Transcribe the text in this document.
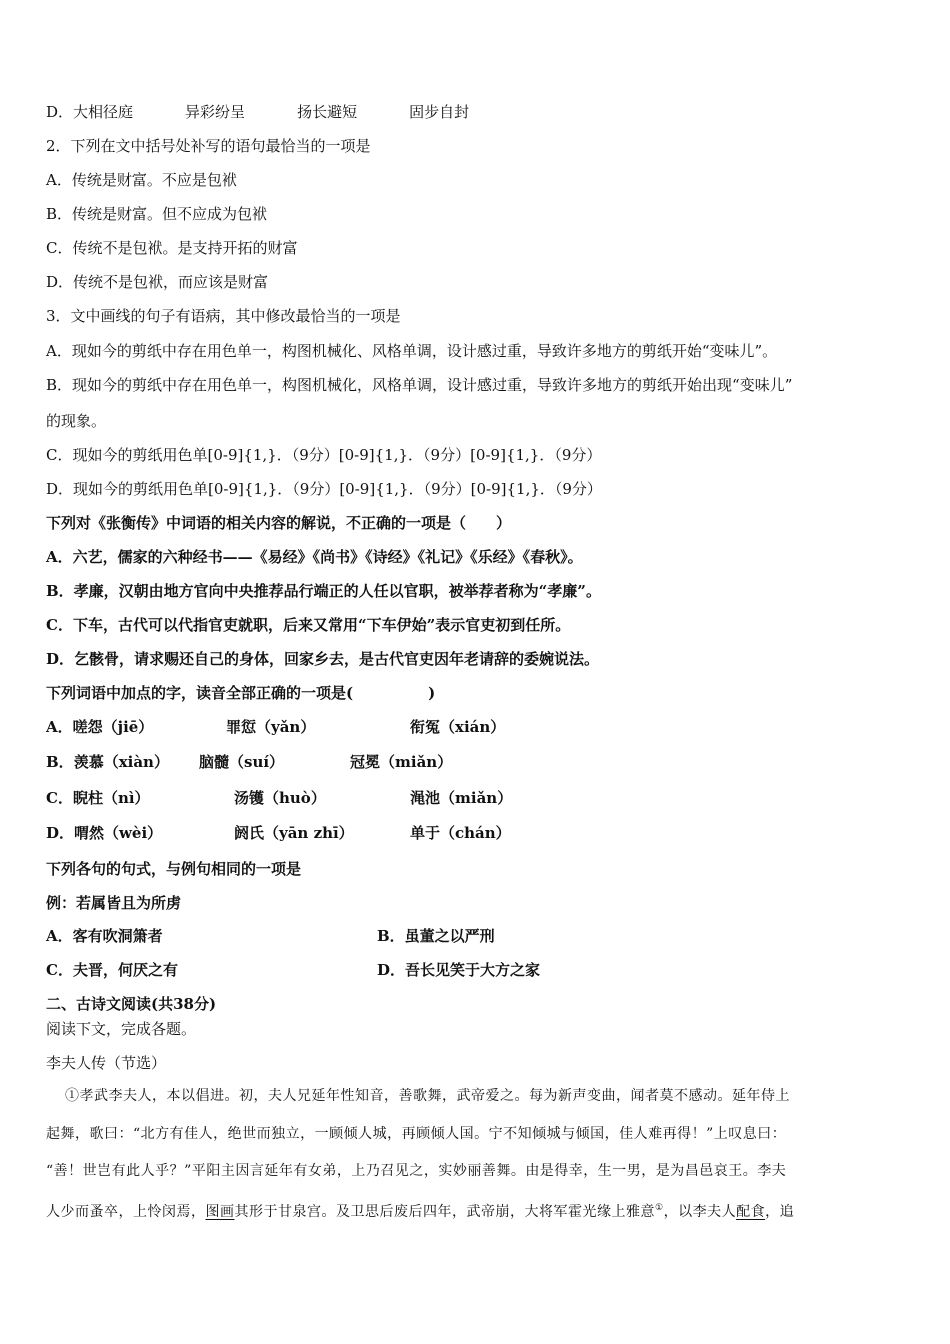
D．大相径庭	异彩纷呈	扬长避短	固步自封
2．下列在文中括号处补写的语句最恰当的一项是
A．传统是财富。不应是包袱
B．传统是财富。但不应成为包袱
C．传统不是包袱。是支持开拓的财富
D．传统不是包袱，而应该是财富
3．文中画线的句子有语病，其中修改最恰当的一项是
A．现如今的剪纸中存在用色单一，构图机械化、风格单调，设计感过重，导致许多地方的剪纸开始“变味儿”。
B．现如今的剪纸中存在用色单一，构图机械化，风格单调，设计感过重，导致许多地方的剪纸开始出现“变味儿”
的现象。
C．现如今的剪纸用色单[0-9]{1,}．（9分）[0-9]{1,}．（9分）[0-9]{1,}．（9分）
D．现如今的剪纸用色单[0-9]{1,}．（9分）[0-9]{1,}．（9分）[0-9]{1,}．（9分）
下列对《张衡传》中词语的相关内容的解说，不正确的一项是（　　）
A．六艺，儒家的六种经书——《易经》《尚书》《诗经》《礼记》《乐经》《春秋》。
B．孝廉，汉朝由地方官向中央推荐品行端正的人任以官职，被举荐者称为“孝廉”。
C．下车，古代可以代指官吏就职，后来又常用“下车伊始”表示官吏初到任所。
D．乞骸骨，请求赐还自己的身体，回家乡去，是古代官吏因年老请辞的委婉说法。
下列词语中加点的字，读音全部正确的一项是(　　　　　)
A．嗟怨（jiē）	罪愆（yǎn）	衔冤（xián）
B．羡慕（xiàn） 脑髓（suí）	冠冕（miǎn）
C．睨柱（nì）	汤镬（huò）	渑池（miǎn）
D．喟然（wèi）	阏氏（yān zhī）	单于（chán）
下列各句的句式，与例句相同的一项是
例：若属皆且为所虏
A．客有吹洞箫者	B．虽董之以严刑
C．夫晋，何厌之有	D．吾长见笑于大方之家
二、古诗文阅读(共38分)
阅读下文，完成各题。
李夫人传（节选）
①孝武李夫人，本以倡进。初，夫人兄延年性知音，善歌舞，武帝爱之。每为新声变曲，闻者莫不感动。延年侍上
起舞，歌曰：“北方有佳人，绝世而独立，一顾倾人城，再顾倾人国。宁不知倾城与倾国，佳人难再得！”上叹息曰：
“善！世岂有此人乎？”平阳主因言延年有女弟，上乃召见之，实妙丽善舞。由是得幸，生一男，是为昌邑哀王。李夫
人少而蚤卒，上怜闵焉，图画其形于甘泉宫。及卫思后废后四年，武帝崩，大将军霍光缘上雅意①，以李夫人配食，追
